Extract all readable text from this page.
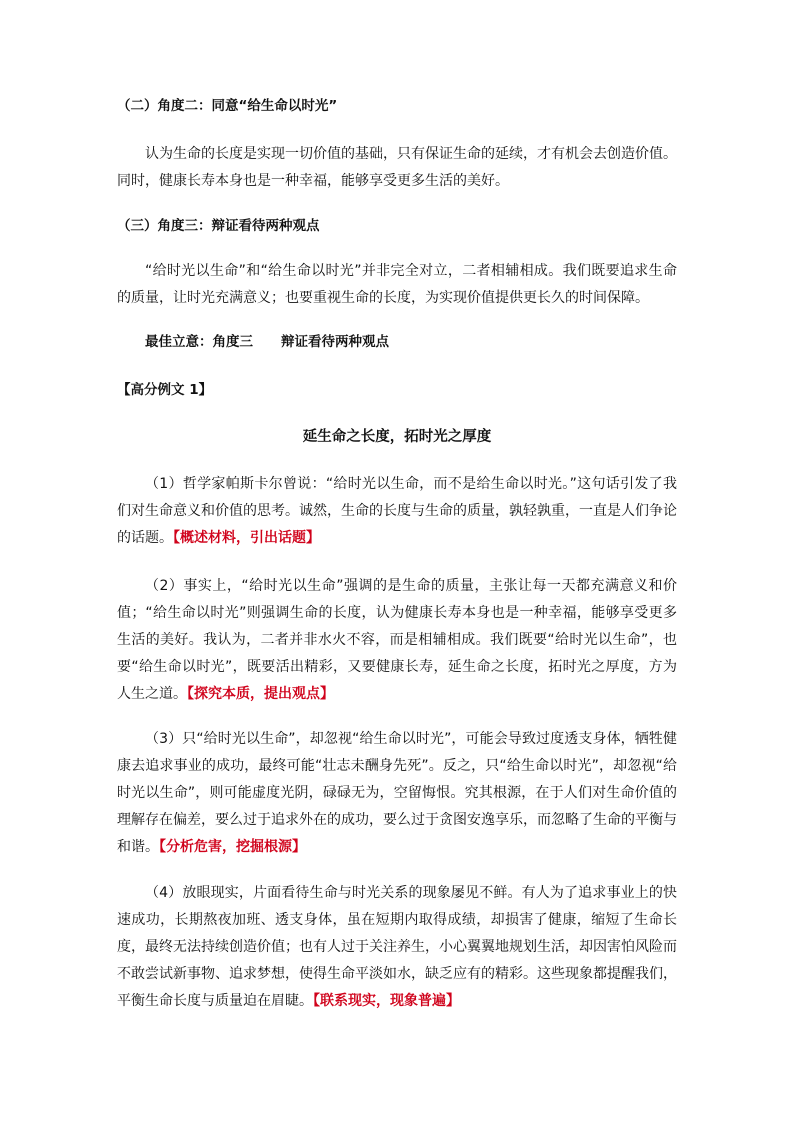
（二）角度二：同意“给生命以时光”

认为生命的长度是实现一切价值的基础，只有保证生命的延续，才有机会去创造价值。同时，健康长寿本身也是一种幸福，能够享受更多生活的美好。

（三）角度三：辩证看待两种观点

“给时光以生命”和“给生命以时光”并非完全对立，二者相辅相成。我们既要追求生命的质量，让时光充满意义；也要重视生命的长度，为实现价值提供更长久的时间保障。

最佳立意：角度三 辩证看待两种观点

【高分例文 1】

延生命之长度，拓时光之厚度

（1）哲学家帕斯卡尔曾说：“给时光以生命，而不是给生命以时光。”这句话引发了我们对生命意义和价值的思考。诚然，生命的长度与生命的质量，孰轻孰重，一直是人们争论的话题。【概述材料，引出话题】

（2）事实上，“给时光以生命”强调的是生命的质量，主张让每一天都充满意义和价值；“给生命以时光”则强调生命的长度，认为健康长寿本身也是一种幸福，能够享受更多生活的美好。我认为，二者并非水火不容，而是相辅相成。我们既要“给时光以生命”，也要“给生命以时光”，既要活出精彩，又要健康长寿，延生命之长度，拓时光之厚度，方为人生之道。【探究本质，提出观点】

（3）只“给时光以生命”，却忽视“给生命以时光”，可能会导致过度透支身体，牺牲健康去追求事业的成功，最终可能“壮志未酬身先死”。反之，只“给生命以时光”，却忽视“给时光以生命”，则可能虚度光阴，碌碌无为，空留悔恨。究其根源，在于人们对生命价值的理解存在偏差，要么过于追求外在的成功，要么过于贪图安逸享乐，而忽略了生命的平衡与和谐。【分析危害，挖掘根源】

（4）放眼现实，片面看待生命与时光关系的现象屡见不鲜。有人为了追求事业上的快速成功，长期熬夜加班、透支身体，虽在短期内取得成绩，却损害了健康，缩短了生命长度，最终无法持续创造价值；也有人过于关注养生，小心翼翼地规划生活，却因害怕风险而不敢尝试新事物、追求梦想，使得生命平淡如水，缺乏应有的精彩。这些现象都提醒我们，平衡生命长度与质量迫在眉睫。【联系现实，现象普遍】
